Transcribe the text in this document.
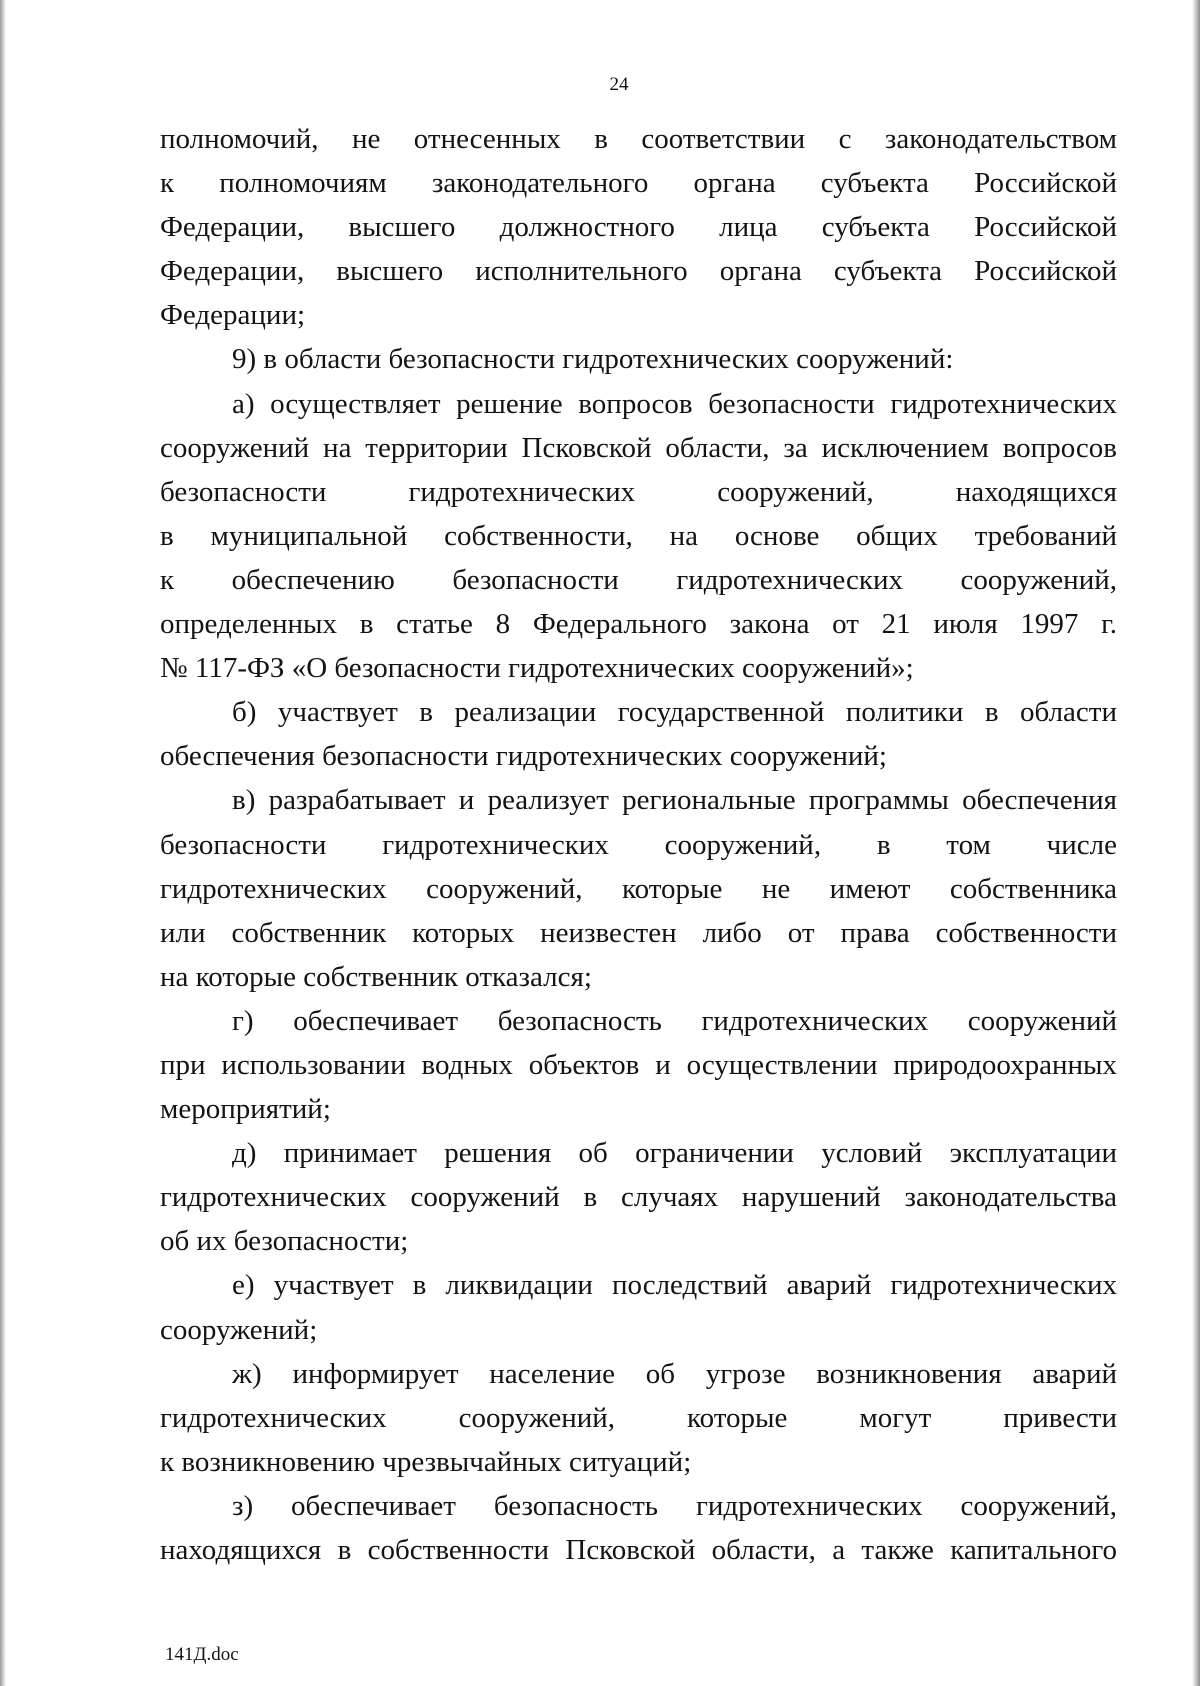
24
полномочий, не отнесенных в соответствии с законодательством
к полномочиям законодательного органа субъекта Российской
Федерации, высшего должностного лица субъекта Российской
Федерации, высшего исполнительного органа субъекта Российской
Федерации;
9) в области безопасности гидротехнических сооружений:
а) осуществляет решение вопросов безопасности гидротехнических
сооружений на территории Псковской области, за исключением вопросов
безопасности гидротехнических сооружений, находящихся
в муниципальной собственности, на основе общих требований
к обеспечению безопасности гидротехнических сооружений,
определенных в статье 8 Федерального закона от 21 июля 1997 г.
№ 117-ФЗ «О безопасности гидротехнических сооружений»;
б) участвует в реализации государственной политики в области
обеспечения безопасности гидротехнических сооружений;
в) разрабатывает и реализует региональные программы обеспечения
безопасности гидротехнических сооружений, в том числе
гидротехнических сооружений, которые не имеют собственника
или собственник которых неизвестен либо от права собственности
на которые собственник отказался;
г) обеспечивает безопасность гидротехнических сооружений
при использовании водных объектов и осуществлении природоохранных
мероприятий;
д) принимает решения об ограничении условий эксплуатации
гидротехнических сооружений в случаях нарушений законодательства
об их безопасности;
е) участвует в ликвидации последствий аварий гидротехнических
сооружений;
ж) информирует население об угрозе возникновения аварий
гидротехнических сооружений, которые могут привести
к возникновению чрезвычайных ситуаций;
з) обеспечивает безопасность гидротехнических сооружений,
находящихся в собственности Псковской области, а также капитального
141Д.doc
